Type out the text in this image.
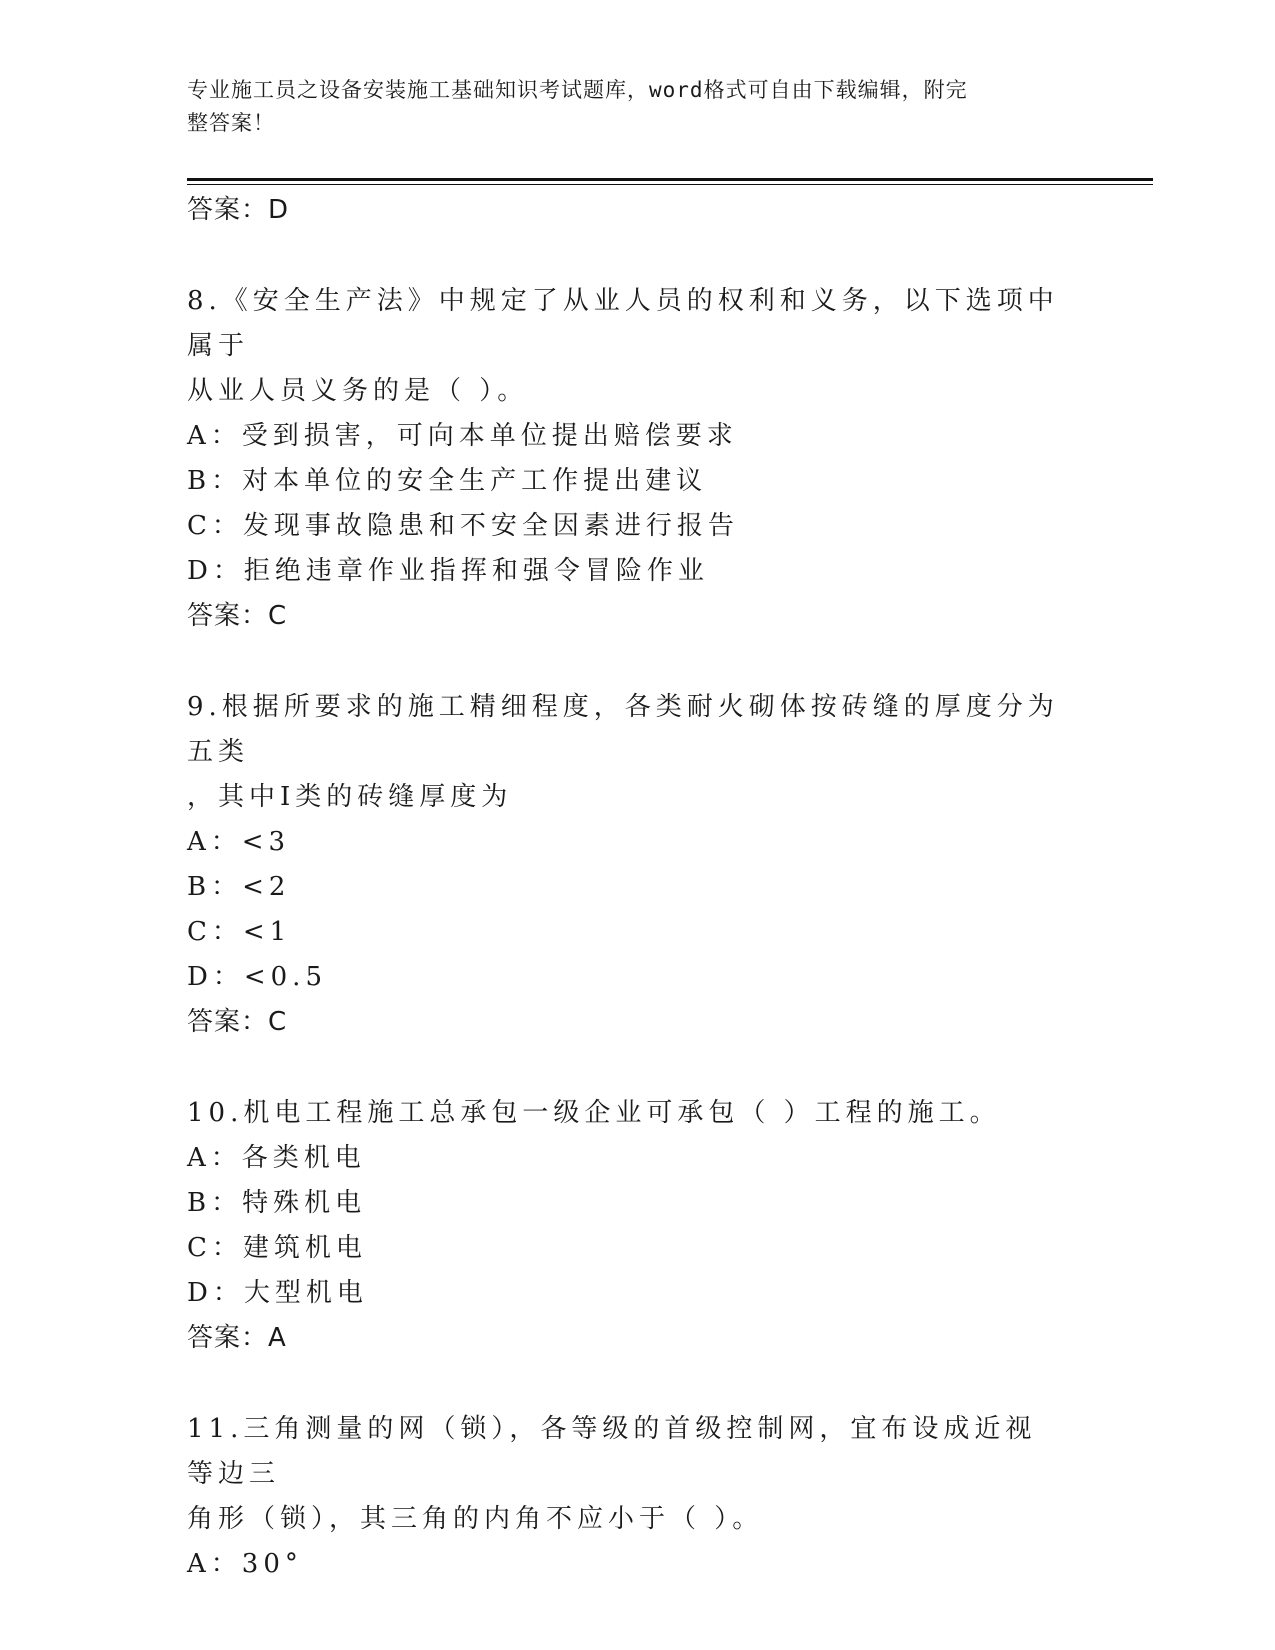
专业施工员之设备安装施工基础知识考试题库，word格式可自由下载编辑，附完
整答案！
答案：D
8.《安全生产法》中规定了从业人员的权利和义务，以下选项中属于
从业人员义务的是（ ）。
A：受到损害，可向本单位提出赔偿要求
B：对本单位的安全生产工作提出建议
C：发现事故隐患和不安全因素进行报告
D：拒绝违章作业指挥和强令冒险作业
答案：C
9.根据所要求的施工精细程度，各类耐火砌体按砖缝的厚度分为五类
，其中Ⅰ类的砖缝厚度为
A：<3
B：<2
C：<1
D：<0.5
答案：C
10.机电工程施工总承包一级企业可承包（ ）工程的施工。
A：各类机电
B：特殊机电
C：建筑机电
D：大型机电
答案：A
11.三角测量的网（锁），各等级的首级控制网，宜布设成近视等边三
角形（锁），其三角的内角不应小于（ ）。
A：30°
